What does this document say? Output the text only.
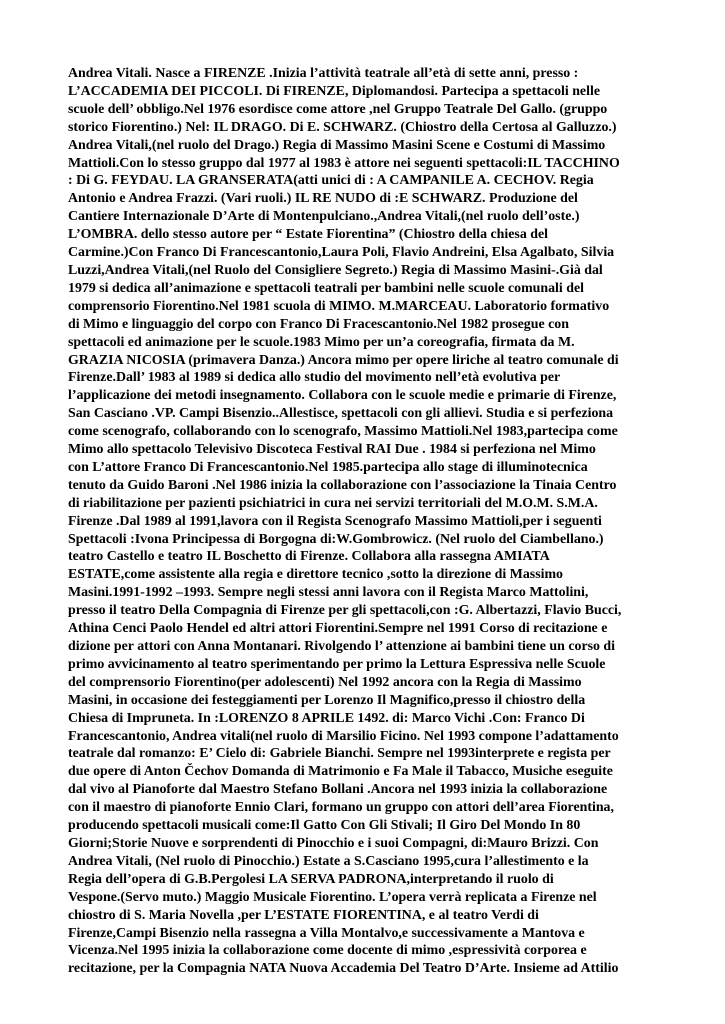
Andrea Vitali. Nasce a FIRENZE .Inizia l’attività teatrale all’età di sette anni, presso :
L’ACCADEMIA DEI PICCOLI. Di FIRENZE, Diplomandosi. Partecipa a spettacoli nelle
scuole dell’ obbligo.Nel 1976 esordisce come attore ,nel Gruppo Teatrale Del Gallo. (gruppo
storico Fiorentino.) Nel: IL DRAGO. Di E. SCHWARZ. (Chiostro della Certosa al Galluzzo.)
Andrea Vitali,(nel ruolo del Drago.) Regia di Massimo Masini Scene e Costumi di Massimo
Mattioli.Con lo stesso gruppo dal 1977 al 1983 è attore nei seguenti spettacoli:IL TACCHINO
: Di G. FEYDAU. LA GRANSERATA(atti unici di : A CAMPANILE A. CECHOV. Regia
Antonio e Andrea Frazzi. (Vari ruoli.) IL RE NUDO di :E SCHWARZ. Produzione del
Cantiere Internazionale D’Arte di Montenpulciano.,Andrea Vitali,(nel ruolo dell’oste.)
L’OMBRA. dello stesso autore per “ Estate Fiorentina” (Chiostro della chiesa del
Carmine.)Con Franco Di Francescantonio,Laura Poli, Flavio Andreini, Elsa Agalbato, Silvia
Luzzi,Andrea Vitali,(nel Ruolo del Consigliere Segreto.) Regia di Massimo Masini-.Già dal
1979 si dedica all’animazione e spettacoli teatrali per bambini nelle scuole comunali del
comprensorio Fiorentino.Nel 1981 scuola di MIMO. M.MARCEAU. Laboratorio formativo
di Mimo e linguaggio del corpo con Franco Di Fracescantonio.Nel 1982 prosegue con
spettacoli ed animazione per le scuole.1983 Mimo per un’a coreografia, firmata da M.
GRAZIA NICOSIA (primavera Danza.) Ancora mimo per opere liriche al teatro comunale di
Firenze.Dall’ 1983 al 1989 si dedica allo studio del movimento nell’età evolutiva per
l’applicazione dei metodi insegnamento. Collabora con le scuole medie e primarie di Firenze,
San Casciano .VP. Campi Bisenzio..Allestisce, spettacoli con gli allievi. Studia e si perfeziona
come scenografo, collaborando con lo scenografo, Massimo Mattioli.Nel 1983,partecipa come
Mimo allo spettacolo Televisivo Discoteca Festival RAI Due . 1984 si perfeziona nel Mimo
con L’attore Franco Di Francescantonio.Nel 1985.partecipa allo stage di illuminotecnica
tenuto da Guido Baroni .Nel 1986 inizia la collaborazione con l’associazione la Tinaia Centro
di riabilitazione per pazienti psichiatrici in cura nei servizi territoriali del M.O.M. S.M.A.
Firenze .Dal 1989 al 1991,lavora con il Regista Scenografo Massimo Mattioli,per i seguenti
Spettacoli :Ivona Principessa di Borgogna di:W.Gombrowicz. (Nel ruolo del Ciambellano.)
teatro Castello e teatro IL Boschetto di Firenze. Collabora alla rassegna AMIATA
ESTATE,come assistente alla regia e direttore tecnico ,sotto la direzione di Massimo
Masini.1991-1992 –1993. Sempre negli stessi anni lavora con il Regista Marco Mattolini,
presso il teatro Della Compagnia di Firenze per gli spettacoli,con :G. Albertazzi, Flavio Bucci,
Athina Cenci Paolo Hendel ed altri attori Fiorentini.Sempre nel 1991 Corso di recitazione e
dizione per attori con Anna Montanari. Rivolgendo l’ attenzione ai bambini tiene un corso di
primo avvicinamento al teatro sperimentando per primo la Lettura Espressiva nelle Scuole
del comprensorio Fiorentino(per adolescenti) Nel 1992 ancora con la Regia di Massimo
Masini, in occasione dei festeggiamenti per Lorenzo Il Magnifico,presso il chiostro della
Chiesa di Impruneta. In :LORENZO 8 APRILE 1492. di: Marco Vichi .Con: Franco Di
Francescantonio, Andrea vitali(nel ruolo di Marsilio Ficino. Nel 1993 compone l’adattamento
teatrale dal romanzo: E’ Cielo di: Gabriele Bianchi. Sempre nel 1993interprete e regista per
due opere di Anton Čechov Domanda di Matrimonio e Fa Male il Tabacco, Musiche eseguite
dal vivo al Pianoforte dal Maestro Stefano Bollani .Ancora nel 1993 inizia la collaborazione
con il maestro di pianoforte Ennio Clari, formano un gruppo con attori dell’area Fiorentina,
producendo spettacoli musicali come:Il Gatto Con Gli Stivali; Il Giro Del Mondo In 80
Giorni;Storie Nuove e sorprendenti di Pinocchio e i suoi Compagni, di:Mauro Brizzi. Con
Andrea Vitali, (Nel ruolo di Pinocchio.) Estate a S.Casciano 1995,cura l’allestimento e la
Regia dell’opera di G.B.Pergolesi LA SERVA PADRONA,interpretando il ruolo di
Vespone.(Servo muto.) Maggio Musicale Fiorentino. L’opera verrà replicata a Firenze nel
chiostro di S. Maria Novella ,per L’ESTATE FIORENTINA, e al teatro Verdi di
Firenze,Campi Bisenzio nella rassegna a Villa Montalvo,e successivamente a Mantova e
Vicenza.Nel 1995 inizia la collaborazione come docente di mimo ,espressività corporea e
recitazione, per la Compagnia NATA Nuova Accademia Del Teatro D’Arte. Insieme ad Attilio
